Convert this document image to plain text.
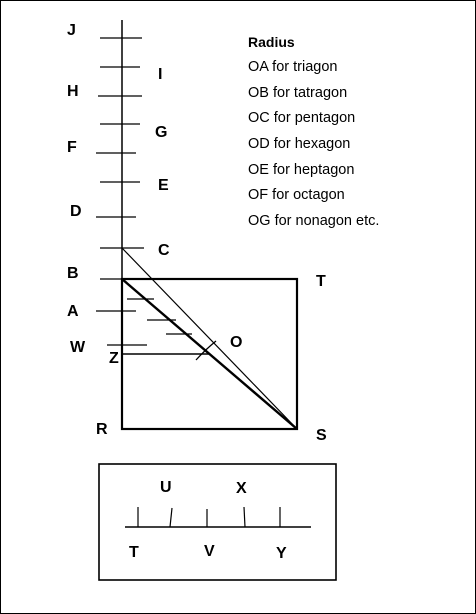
J
I
H
G
F
E
D
C
B
A
W
Z
T
S
R
O
Radius
OA for triagon
OB for tatragon
OC for pentagon
OD for hexagon
OE for heptagon
OF for octagon
OG for nonagon etc.
U	X
T	V	Y
